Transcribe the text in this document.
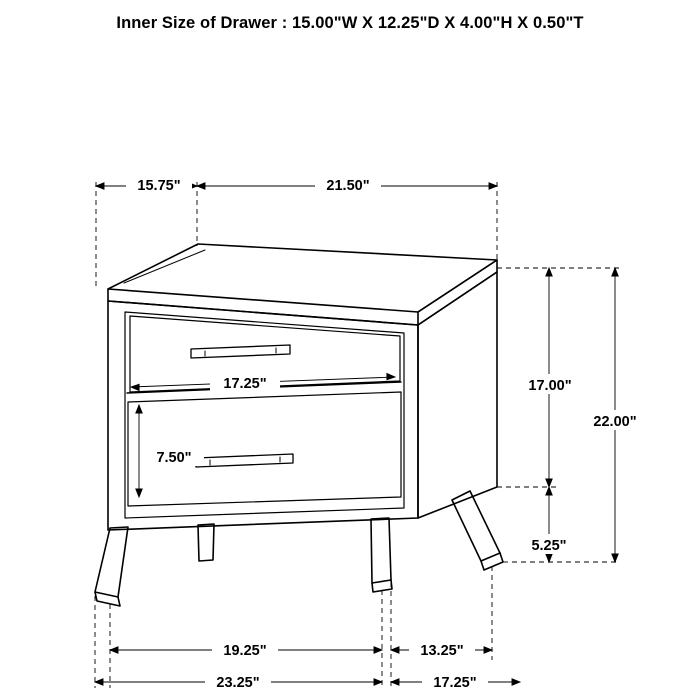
Inner Size of Drawer : 15.00"W X 12.25"D X 4.00"H X 0.50"T
15.75"	21.50"
17.25"
7.50"
17.00"
5.25"
22.00"
19.25"	13.25"
23.25"	17.25"
